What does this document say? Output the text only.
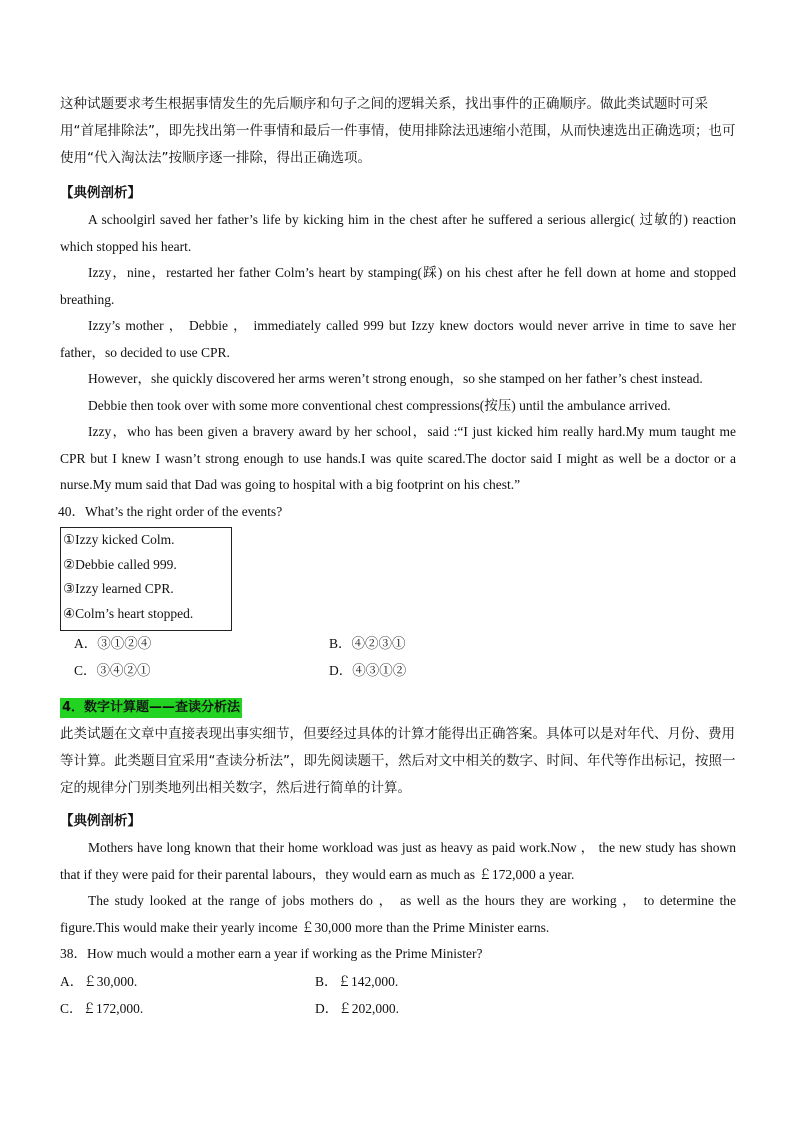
这种试题要求考生根据事情发生的先后顺序和句子之间的逻辑关系，找出事件的正确顺序。做此类试题时可采用“首尾排除法”，即先找出第一件事情和最后一件事情，使用排除法迅速缩小范围，从而快速选出正确选项；也可使用“代入淘汰法”按顺序逐一排除，得出正确选项。

【典例剖析】

A schoolgirl saved her father’s life by kicking him in the chest after he suffered a serious allergic( 过敏的) reaction which stopped his heart.

Izzy，nine，restarted her father Colm’s heart by stamping(踩) on his chest after he fell down at home and stopped breathing.

Izzy’s mother ， Debbie ， immediately called 999 but Izzy knew doctors would never arrive in time to save her father，so decided to use CPR.

However，she quickly discovered her arms weren’t strong enough，so she stamped on her father’s chest instead.

Debbie then took over with some more conventional chest compressions(按压) until the ambulance arrived.

Izzy，who has been given a bravery award by her school，said :“I just kicked him really hard.My mum taught me CPR but I knew I wasn’t strong enough to use hands.I was quite scared.The doctor said I might as well be a doctor or a nurse.My mum said that Dad was going to hospital with a big footprint on his chest.”

40．What’s the right order of the events?

①Izzy kicked Colm.
②Debbie called 999.
③Izzy learned CPR.
④Colm’s heart stopped.
A．③①②④	B．④②③①
C．③④②①	D．④③①②
4．数字计算题——查读分析法

此类试题在文章中直接表现出事实细节，但要经过具体的计算才能得出正确答案。具体可以是对年代、月份、费用等计算。此类题目宜采用“查读分析法”，即先阅读题干，然后对文中相关的数字、时间、年代等作出标记，按照一定的规律分门别类地列出相关数字，然后进行简单的计算。

【典例剖析】

Mothers have long known that their home workload was just as heavy as paid work.Now ， the new study has shown that if they were paid for their parental labours，they would earn as much as ￡172,000 a year.

The study looked at the range of jobs mothers do ， as well as the hours they are working ， to determine the figure.This would make their yearly income ￡30,000 more than the Prime Minister earns.

38．How much would a mother earn a year if working as the Prime Minister?

A．￡30,000.	B．￡142,000.
C．￡172,000.	D．￡202,000.
